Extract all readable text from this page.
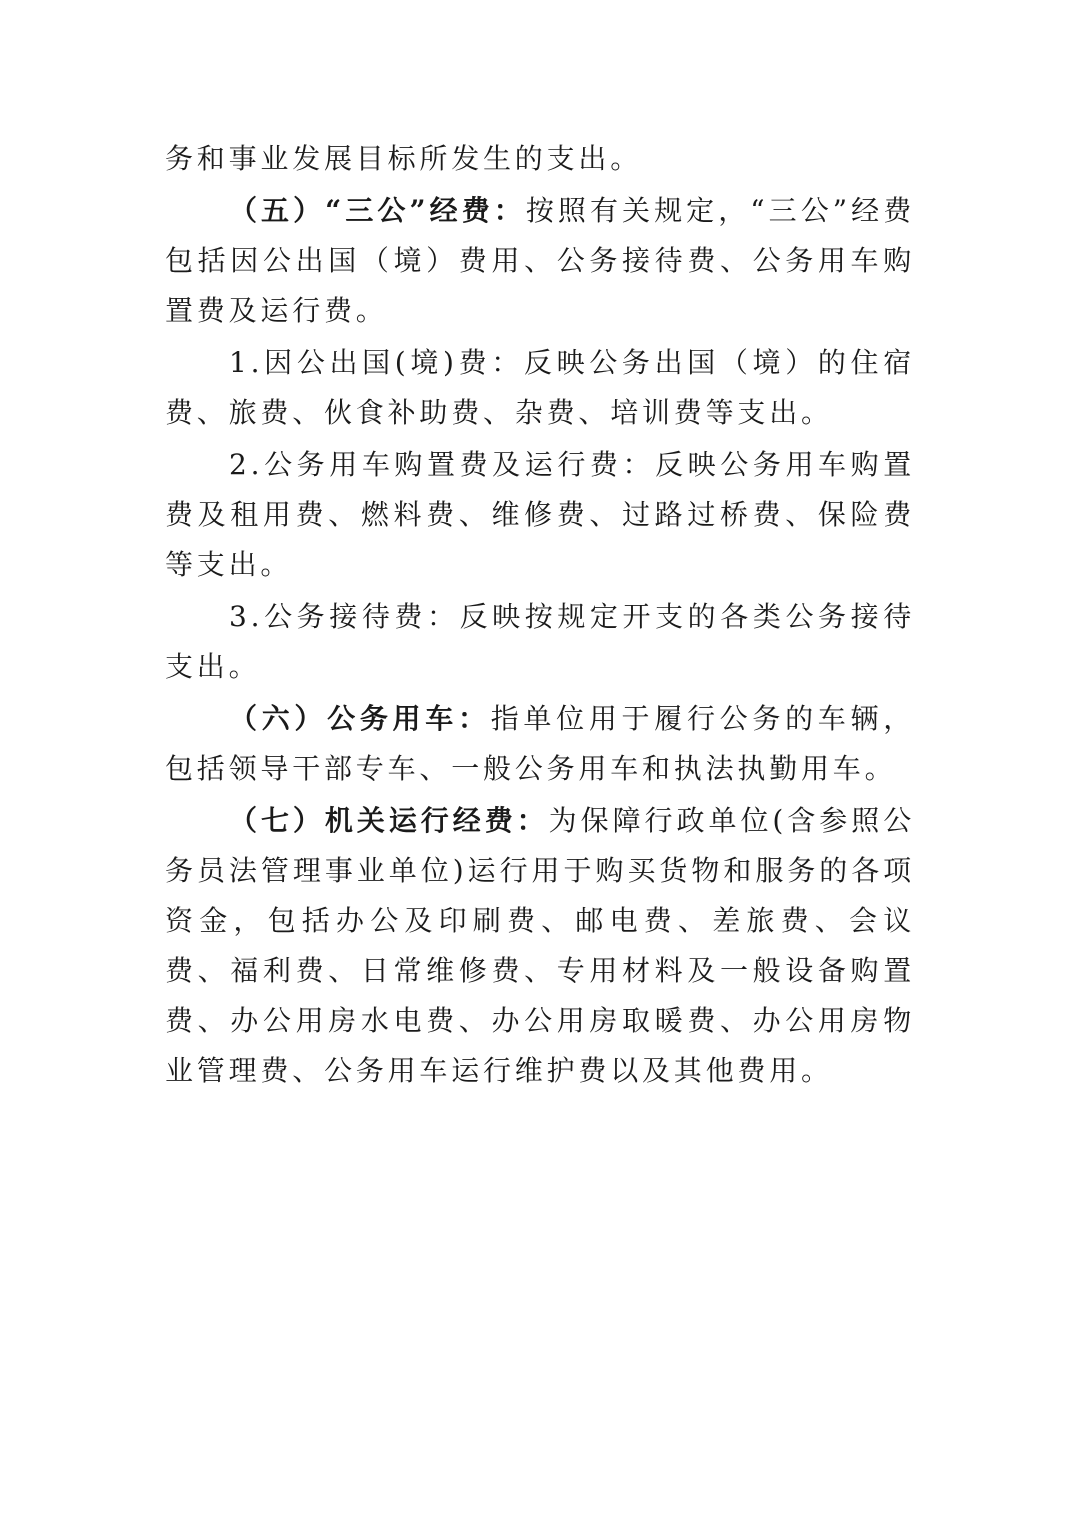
务和事业发展目标所发生的支出。

（五）“三公”经费：按照有关规定，“三公”经费包括因公出国（境）费用、公务接待费、公务用车购置费及运行费。

1.因公出国(境)费：反映公务出国（境）的住宿费、旅费、伙食补助费、杂费、培训费等支出。

2.公务用车购置费及运行费：反映公务用车购置费及租用费、燃料费、维修费、过路过桥费、保险费等支出。

3.公务接待费：反映按规定开支的各类公务接待支出。

（六）公务用车：指单位用于履行公务的车辆，包括领导干部专车、一般公务用车和执法执勤用车。

（七）机关运行经费：为保障行政单位(含参照公务员法管理事业单位)运行用于购买货物和服务的各项资金，包括办公及印刷费、邮电费、差旅费、会议费、福利费、日常维修费、专用材料及一般设备购置费、办公用房水电费、办公用房取暖费、办公用房物业管理费、公务用车运行维护费以及其他费用。
